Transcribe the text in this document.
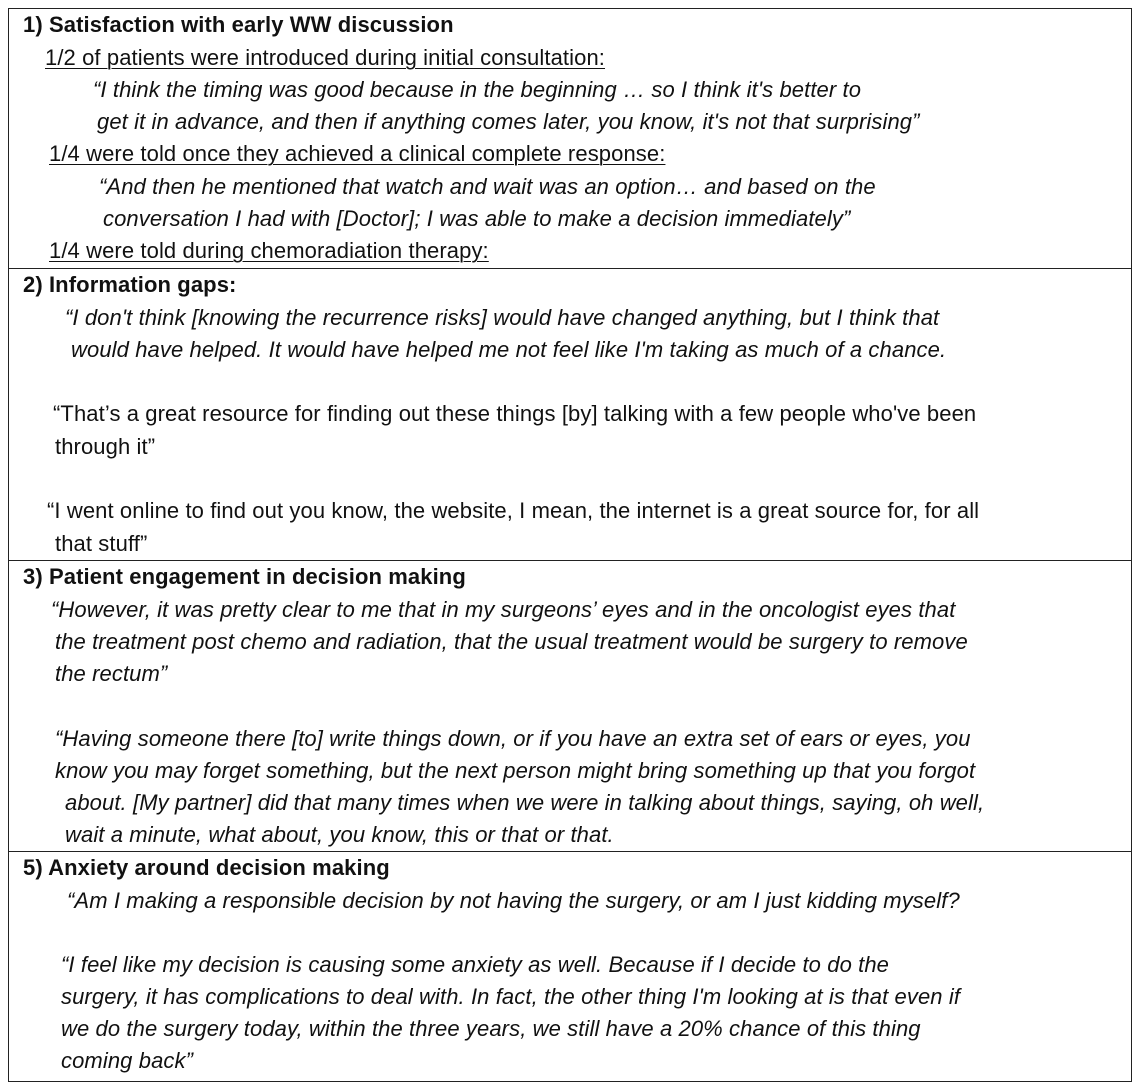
1) Satisfaction with early WW discussion
1/2 of patients were introduced during initial consultation:
“I think the timing was good because in the beginning … so I think it's better to
get it in advance, and then if anything comes later, you know, it's not that surprising”
1/4 were told once they achieved a clinical complete response:
“And then he mentioned that watch and wait was an option… and based on the
conversation I had with [Doctor]; I was able to make a decision immediately”
1/4 were told during chemoradiation therapy:
2) Information gaps:
“I don't think [knowing the recurrence risks] would have changed anything, but I think that
would have helped. It would have helped me not feel like I'm taking as much of a chance.
“That’s a great resource for finding out these things [by] talking with a few people who've been
through it”
“I went online to find out you know, the website, I mean, the internet is a great source for, for all
that stuff”
3) Patient engagement in decision making
“However, it was pretty clear to me that in my surgeons’ eyes and in the oncologist eyes that
the treatment post chemo and radiation, that the usual treatment would be surgery to remove
the rectum”
“Having someone there [to] write things down, or if you have an extra set of ears or eyes, you
know you may forget something, but the next person might bring something up that you forgot
about. [My partner] did that many times when we were in talking about things, saying, oh well,
wait a minute, what about, you know, this or that or that.
5) Anxiety around decision making
“Am I making a responsible decision by not having the surgery, or am I just kidding myself?
“I feel like my decision is causing some anxiety as well. Because if I decide to do the
surgery, it has complications to deal with. In fact, the other thing I'm looking at is that even if
we do the surgery today, within the three years, we still have a 20% chance of this thing
coming back”
